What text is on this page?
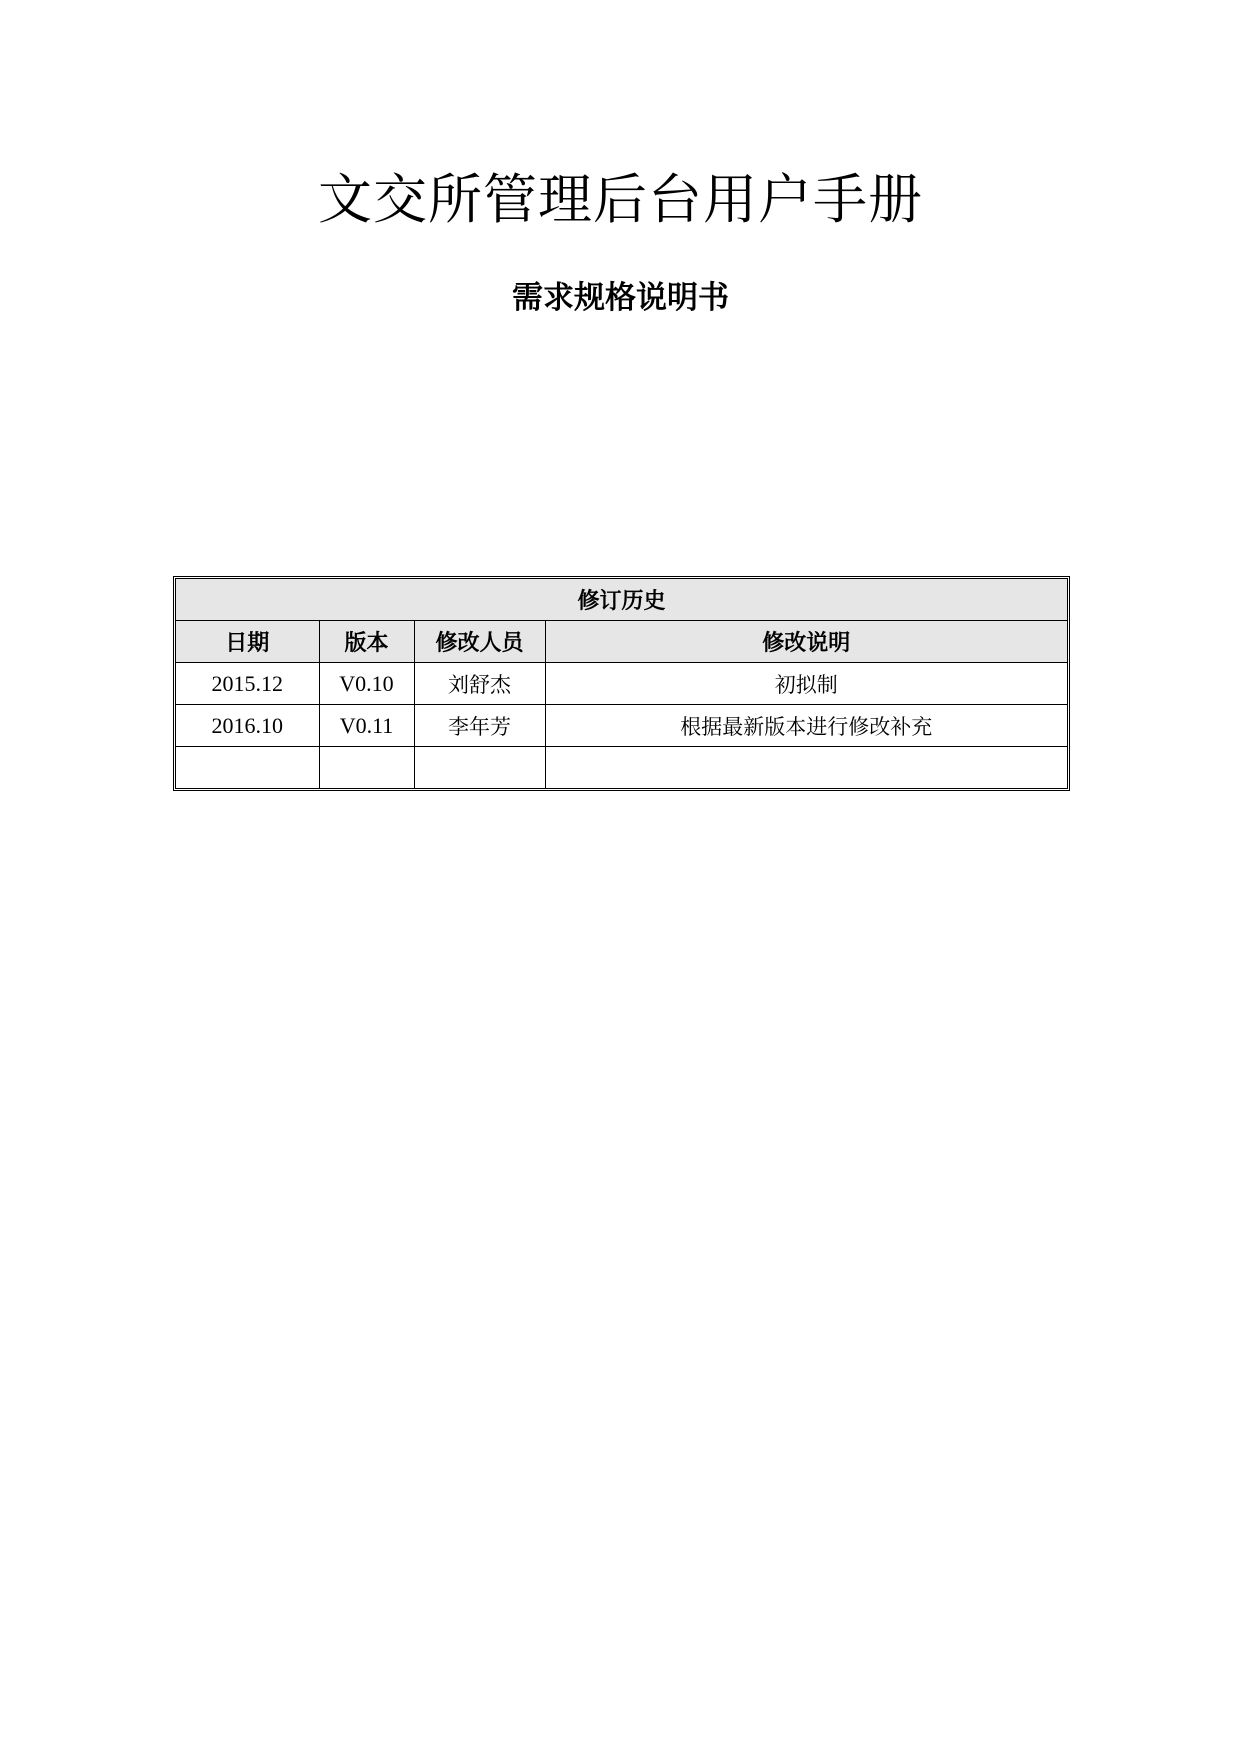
文交所管理后台用户手册
需求规格说明书
修订历史			
日期	版本	修改人员	修改说明
2015.12	V0.10	刘舒杰	初拟制
2016.10	V0.11	李年芳	根据最新版本进行修改补充
